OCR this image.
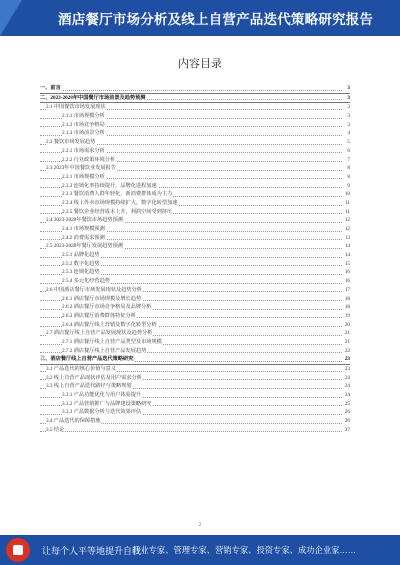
酒店餐厅市场分析及线上自营产品迭代策略研究报告
内容目录
一、前言	3
二、2023-2028年中国餐厅市场前景及趋势预测	3
2.1 中国餐饮市场发展现状	3
2.1.1 市场规模分析	3
2.1.2 市场竞争格局	3
2.1.3 市场前景分析	4
2.2 餐饮市场发展趋势	5
2.2.1 市场需求分析	6
2.2.2 行业政策环境分析	7
2.3 2023年中国餐饮业发展报告	8
2.3.1 市场规模分析	8
2.3.2 连锁化率持续提升，品牌化进程加速	9
2.3.3 餐饮消费人群年轻化，新消费群体成为主力	10
2.3.4 线上外卖市场规模持续扩大，数字化转型加速	11
2.3.5 餐饮企业经营成本上升，利润空间受到挤压	11
2.4 2023-2028年餐饮市场趋势预测	12
2.4.1 市场规模预测	12
2.4.2 消费需求预测	13
2.5 2023-2028年餐厅发展趋势预测	14
2.5.1 品牌化趋势	14
2.5.2 数字化趋势	15
2.5.3 连锁化趋势	16
2.5.4 多元化经营趋势	16
2.6 中国酒店餐厅市场发展现状及趋势分析	17
2.6.1 酒店餐厅市场规模及增长趋势	18
2.6.2 酒店餐厅市场竞争格局及品牌分析	18
2.6.3 酒店餐厅消费群体特征分析	19
2.6.4 酒店餐厅线上营销及数字化转型分析	20
2.7 酒店餐厅线上自营产品发展现状及趋势分析	21
2.7.1 酒店餐厅线上自营产品类型及市场规模	21
2.7.2 酒店餐厅线上自营产品发展趋势	22
三、酒店餐厅线上自营产品迭代策略研究	23
3.1 产品迭代的核心价值与意义	23
3.2 线上自营产品现状评估及用户需求分析	24
3.3 线上自营产品迭代路径与策略规划	24
3.3.1 产品功能优化与用户体验提升	24
3.3.2 产品营销推广与品牌建设策略研究	25
3.3.3 产品数据分析与迭代效果评估	26
3.4 产品迭代的保障措施	26
3.5 结论	27
2
让每个人平等地提升自我
行业专家、管理专家、营销专家、投资专家、成功企业家……
